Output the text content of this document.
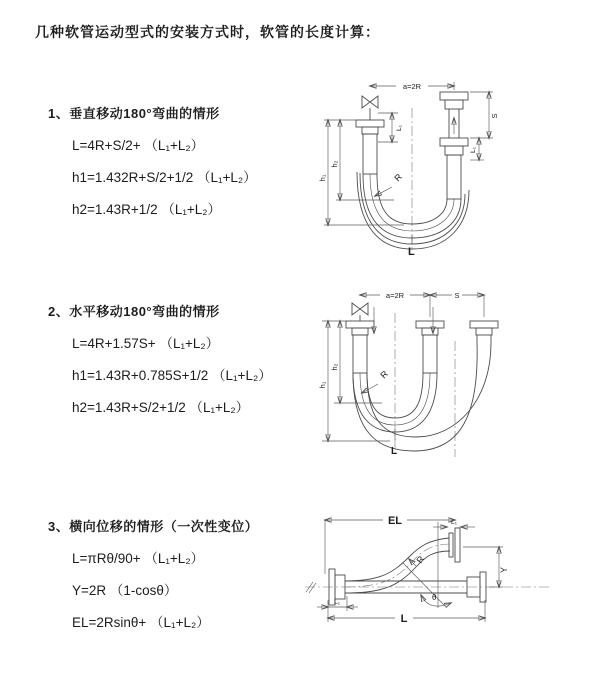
几种软管运动型式的安装方式时，软管的长度计算：
1、垂直移动180°弯曲的情形
L=4R+S/2+ （L₁+L₂）
h1=1.432R+S/2+1/2 （L₁+L₂）
h2=1.43R+1/2 （L₁+L₂）
a=2R
h₁
h₂
L₁
S
L₁
R
L
2、水平移动180°弯曲的情形
L=4R+1.57S+ （L₁+L₂）
h1=1.43R+0.785S+1/2 （L₁+L₂）
h2=1.43R+S/2+1/2 （L₁+L₂）
a=2R	S
h₁
h₂
R
L
3、横向位移的情形（一次性变位）
L=πRθ/90+ （L₁+L₂）
Y=2R （1-cosθ）
EL=2Rsinθ+ （L₁+L₂）
EL	L₁
Y
θ
R
L₁
L
